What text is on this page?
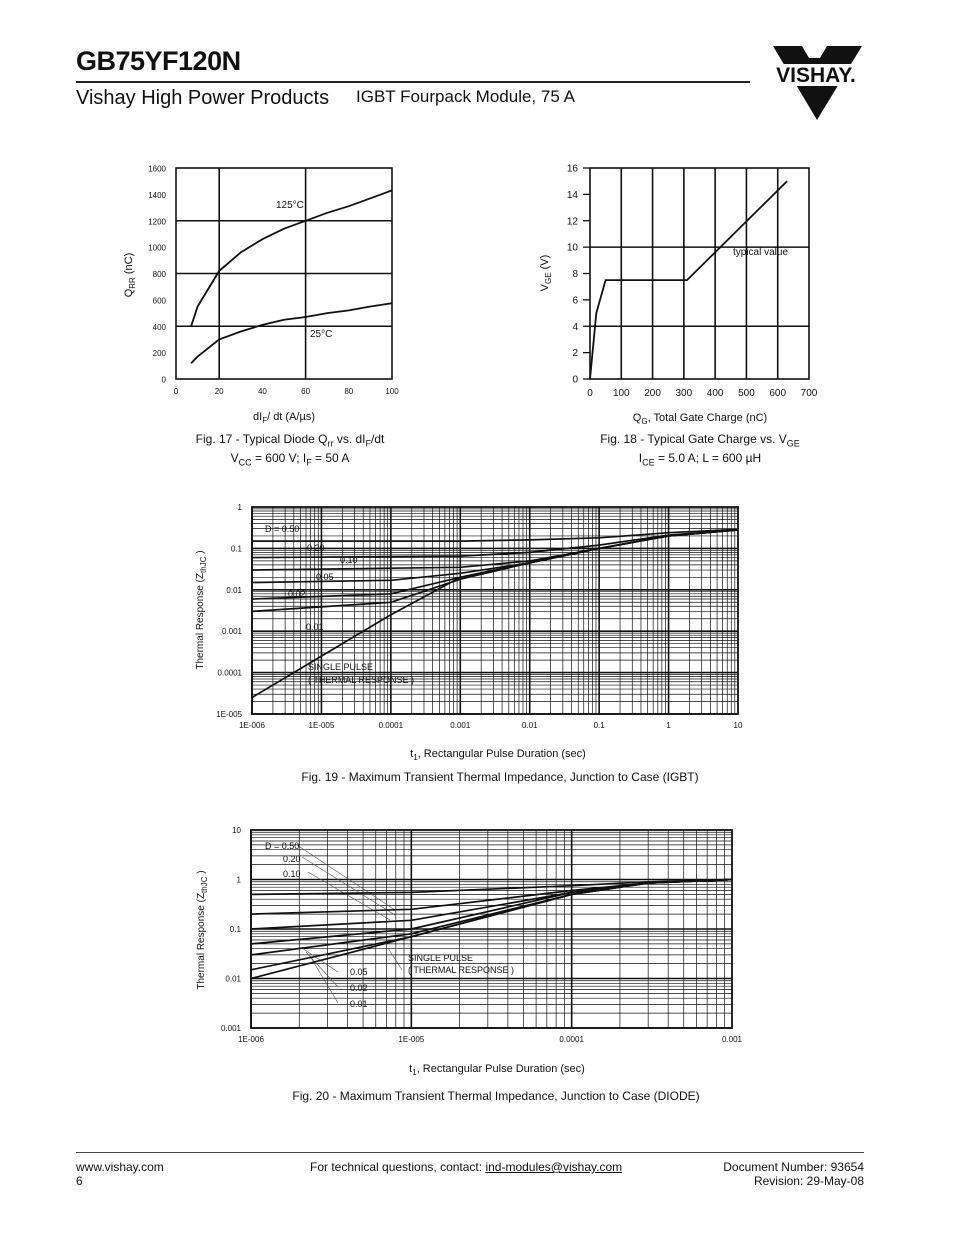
GB75YF120N
Vishay High Power Products IGBT Fourpack Module, 75 A
VISHAY.
0	20	40	60	80	100
0
200
400
600
800
1000
1200
1400
1600
125°C
25°C
$Q_{RR}$ (nC)
$dI_F/$ dt (A/µs)
Fig. 17 - Typical Diode $Q_{rr}$ vs. $dI_F/dt$
$V_{CC} = 600$ V; $I_F = 50$ A
0 100 200 300 400 500 600 700
0
2
4
6
8
10
12
14
16
typical value
$V_{GE}$ (V)
$Q_G$, Total Gate Charge (nC)
Fig. 18 - Typical Gate Charge vs. $V_{GE}$
$I_{CE} = 5.0$ A; L = 600 µH
1E-006	1E-005	0.0001	0.001	0.01	0.1	1	10
1E-005
0.0001
0.001
0.01
0.1
1
D = 0.50
0.20
0.10
0.05
0.02
0.01
SINGLE PULSE
( THERMAL RESPONSE )
Thermal Response ($Z_{thJC}$ )
$t_1$, Rectangular Pulse Duration (sec)
Fig. 19 - Maximum Transient Thermal Impedance, Junction to Case (IGBT)
1E-006	1E-005	0.0001	0.001
0.001
0.01
0.1
1
10
D = 0.50
0.20
0.10
0.05
0.02
0.01
SINGLE PULSE
( THERMAL RESPONSE )
Thermal Response ($Z_{thJC}$ )
$t_1$, Rectangular Pulse Duration (sec)
Fig. 20 - Maximum Transient Thermal Impedance, Junction to Case (DIODE)
www.vishay.com
6
For technical questions, contact: ind-modules@vishay.com	Document Number: 93654
Revision: 29-May-08
